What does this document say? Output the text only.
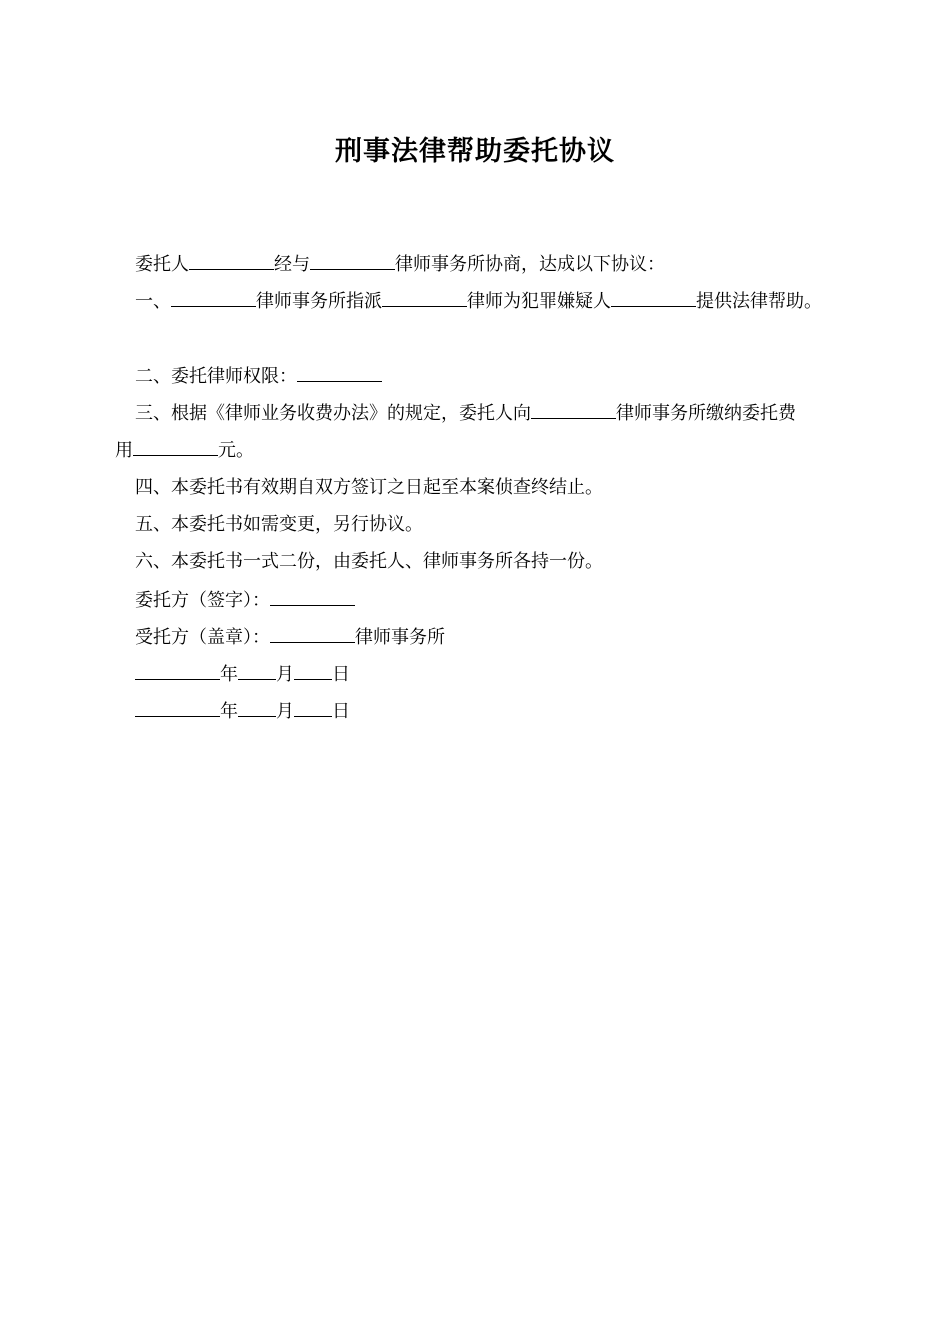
刑事法律帮助委托协议
委托人	经与	律师事务所协商，达成以下协议：
一、	律师事务所指派	律师为犯罪嫌疑人	提供法律帮助。
二、委托律师权限：
三、根据《律师业务收费办法》的规定，委托人向	律师事务所缴纳委托费
用	元。
四、本委托书有效期自双方签订之日起至本案侦查终结止。
五、本委托书如需变更，另行协议。
六、本委托书一式二份，由委托人、律师事务所各持一份。
委托方（签字）：
受托方（盖章）：	律师事务所
年 月 日
年 月 日
